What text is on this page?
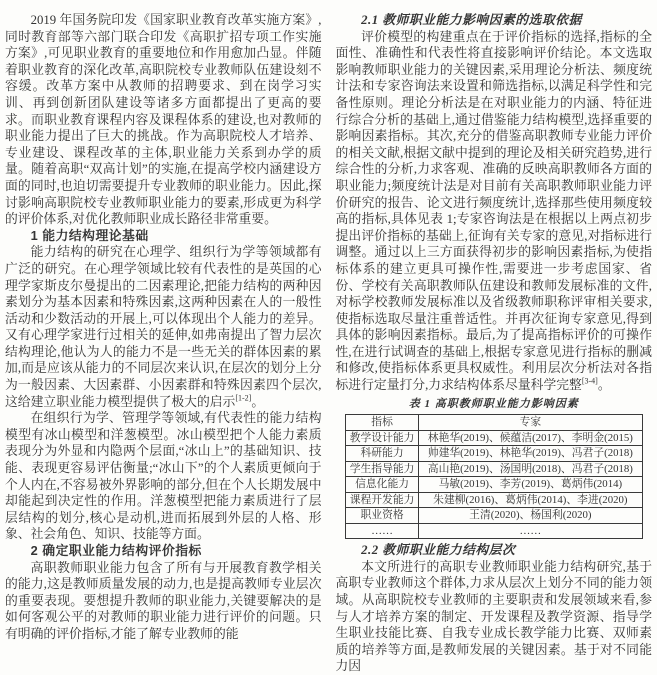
2019 年国务院印发《国家职业教育改革实施方案》,同时教育部等六部门联合印发《高职扩招专项工作实施方案》,可见职业教育的重要地位和作用愈加凸显。伴随着职业教育的深化改革,高职院校专业教师队伍建设刻不容缓。改革方案中从教师的招聘要求、到在岗学习实训、再到创新团队建设等诸多方面都提出了更高的要求。而职业教育课程内容及课程体系的建设,也对教师的职业能力提出了巨大的挑战。作为高职院校人才培养、专业建设、课程改革的主体,职业能力关系到办学的质量。随着高职“双高计划”的实施,在提高学校内涵建设方面的同时,也迫切需要提升专业教师的职业能力。因此,探讨影响高职院校专业教师职业能力的要素,形成更为科学的评价体系,对优化教师职业成长路径非常重要。

1 能力结构理论基础

能力结构的研究在心理学、组织行为学等领域都有广泛的研究。在心理学领域比较有代表性的是英国的心理学家斯皮尔曼提出的二因素理论,把能力结构的两种因素划分为基本因素和特殊因素,这两种因素在人的一般性活动和少数活动的开展上,可以体现出个人能力的差异。又有心理学家进行过相关的延伸,如弗南提出了智力层次结构理论,他认为人的能力不是一些无关的群体因素的累加,而是应该从能力的不同层次来认识,在层次的划分上分为一般因素、大因素群、小因素群和特殊因素四个层次,这给建立职业能力模型提供了极大的启示[1-2]。

在组织行为学、管理学等领域,有代表性的能力结构模型有冰山模型和洋葱模型。冰山模型把个人能力素质表现分为外显和内隐两个层面,“冰山上”的基础知识、技能、表现更容易评估衡量;“冰山下”的个人素质更倾向于个人内在,不容易被外界影响的部分,但在个人长期发展中却能起到决定性的作用。洋葱模型把能力素质进行了层层结构的划分,核心是动机,进而拓展到外层的人格、形象、社会角色、知识、技能等方面。

2 确定职业能力结构评价指标

高职教师职业能力包含了所有与开展教育教学相关的能力,这是教师质量发展的动力,也是提高教师专业层次的重要表现。要想提升教师的职业能力,关键要解决的是如何客观公平的对教师的职业能力进行评价的问题。只有明确的评价指标,才能了解专业教师的能

2.1 教师职业能力影响因素的选取依据

评价模型的构建重点在于评价指标的选择,指标的全面性、准确性和代表性将直接影响评价结论。本文选取影响教师职业能力的关键因素,采用理论分析法、频度统计法和专家咨询法来设置和筛选指标,以满足科学性和完备性原则。理论分析法是在对职业能力的内涵、特征进行综合分析的基础上,通过借鉴能力结构模型,选择重要的影响因素指标。其次,充分的借鉴高职教师专业能力评价的相关文献,根据文献中提到的理论及相关研究趋势,进行综合性的分析,力求客观、准确的反映高职教师各方面的职业能力;频度统计法是对目前有关高职教师职业能力评价研究的报告、论文进行频度统计,选择那些使用频度较高的指标,具体见表 1;专家咨询法是在根据以上两点初步提出评价指标的基础上,征询有关专家的意见,对指标进行调整。通过以上三方面获得初步的影响因素指标,为使指标体系的建立更具可操作性,需要进一步考虑国家、省份、学校有关高职教师队伍建设和教师发展标准的文件,对标学校教师发展标准以及省级教师职称评审相关要求,使指标选取尽量注重普适性。并再次征询专家意见,得到具体的影响因素指标。最后,为了提高指标评价的可操作性,在进行试调查的基础上,根据专家意见进行指标的删减和修改,使指标体系更具权威性。利用层次分析法对各指标进行定量打分,力求结构体系尽量科学完整[3-4]。

表 1 高职教师职业能力影响因素
指标	专家
教学设计能力	林艳华(2019)、候蕴洁(2017)、李明金(2015)
科研能力	帅建华(2019)、林艳华(2019)、冯君子(2018)
学生指导能力	高山艳(2019)、汤国明(2018)、冯君子(2018)
信息化能力	马敏(2019)、李芳(2019)、葛炳伟(2014)
课程开发能力	朱建柳(2016)、葛炳伟(2014)、李进(2020)
职业资格	王清(2020)、杨国利(2020)
……	……
2.2 教师职业能力结构层次

本文所进行的高职专业教师职业能力结构研究,基于高职专业教师这个群体,力求从层次上划分不同的能力领域。从高职院校专业教师的主要职责和发展领域来看,参与人才培养方案的制定、开发课程及教学资源、指导学生职业技能比赛、自我专业成长教学能力比赛、双师素质的培养等方面,是教师发展的关键因素。基于对不同能力因
